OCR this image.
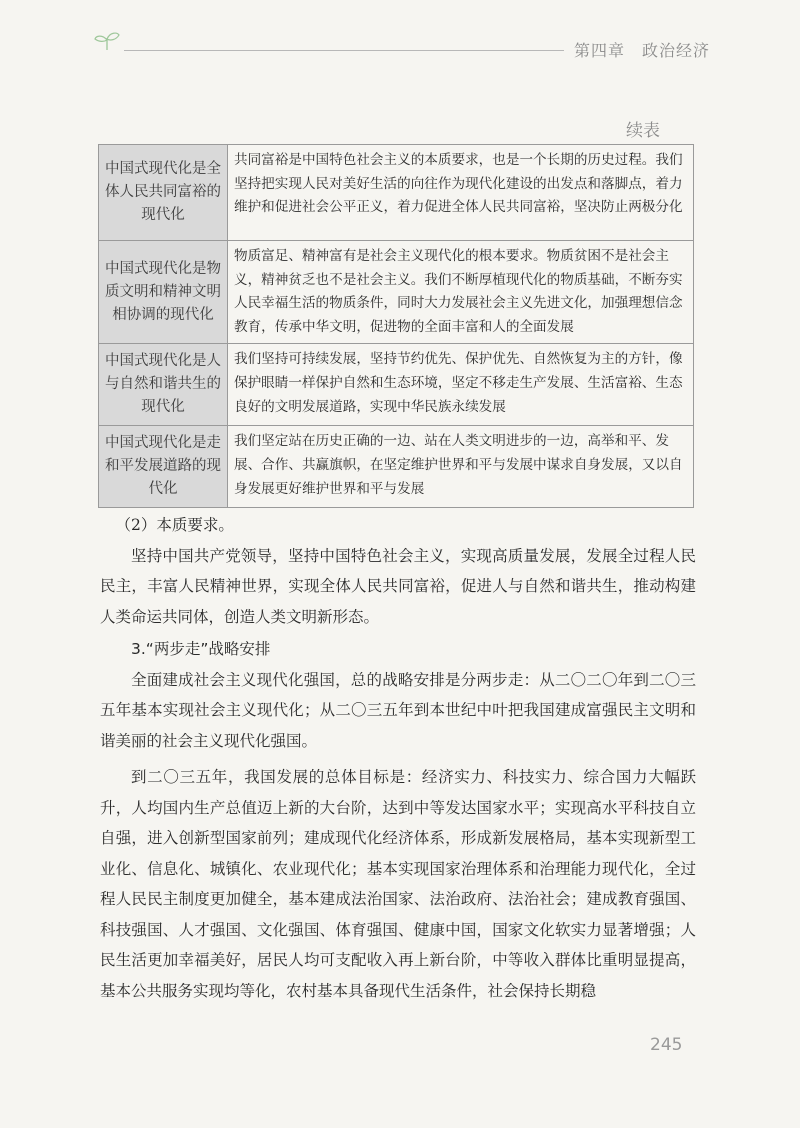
第四章　政治经济
续表
中国式现代化是全体人民共同富裕的现代化	共同富裕是中国特色社会主义的本质要求，也是一个长期的历史过程。我们坚持把实现人民对美好生活的向往作为现代化建设的出发点和落脚点，着力维护和促进社会公平正义，着力促进全体人民共同富裕，坚决防止两极分化
中国式现代化是物质文明和精神文明相协调的现代化	物质富足、精神富有是社会主义现代化的根本要求。物质贫困不是社会主义，精神贫乏也不是社会主义。我们不断厚植现代化的物质基础，不断夯实人民幸福生活的物质条件，同时大力发展社会主义先进文化，加强理想信念教育，传承中华文明，促进物的全面丰富和人的全面发展
中国式现代化是人与自然和谐共生的现代化	我们坚持可持续发展，坚持节约优先、保护优先、自然恢复为主的方针，像保护眼睛一样保护自然和生态环境，坚定不移走生产发展、生活富裕、生态良好的文明发展道路，实现中华民族永续发展
中国式现代化是走和平发展道路的现代化	我们坚定站在历史正确的一边、站在人类文明进步的一边，高举和平、发展、合作、共赢旗帜，在坚定维护世界和平与发展中谋求自身发展，又以自身发展更好维护世界和平与发展

（2）本质要求。

坚持中国共产党领导，坚持中国特色社会主义，实现高质量发展，发展全过程人民民主，丰富人民精神世界，实现全体人民共同富裕，促进人与自然和谐共生，推动构建人类命运共同体，创造人类文明新形态。

3.“两步走”战略安排

全面建成社会主义现代化强国，总的战略安排是分两步走：从二〇二〇年到二〇三五年基本实现社会主义现代化；从二〇三五年到本世纪中叶把我国建成富强民主文明和谐美丽的社会主义现代化强国。

到二〇三五年，我国发展的总体目标是：经济实力、科技实力、综合国力大幅跃升，人均国内生产总值迈上新的大台阶，达到中等发达国家水平；实现高水平科技自立自强，进入创新型国家前列；建成现代化经济体系，形成新发展格局，基本实现新型工业化、信息化、城镇化、农业现代化；基本实现国家治理体系和治理能力现代化，全过程人民民主制度更加健全，基本建成法治国家、法治政府、法治社会；建成教育强国、科技强国、人才强国、文化强国、体育强国、健康中国，国家文化软实力显著增强；人民生活更加幸福美好，居民人均可支配收入再上新台阶，中等收入群体比重明显提高，基本公共服务实现均等化，农村基本具备现代生活条件，社会保持长期稳

245
